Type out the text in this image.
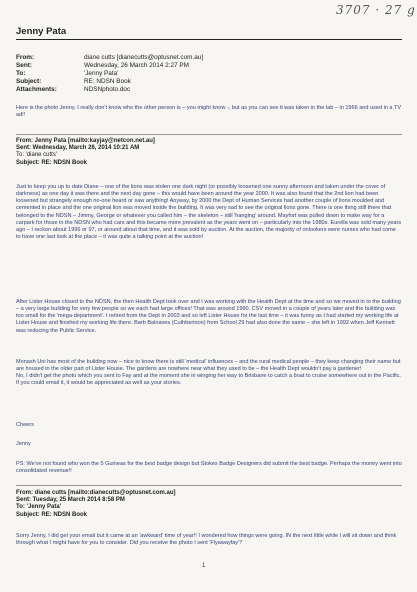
3707 · 27 g
Jenny Pata
From:	diane cutts [dianecutts@optusnet.com.au]
Sent:	Wednesday, 26 March 2014 2:27 PM
To:	'Jenny Pata'
Subject:	RE: NDSN Book
Attachments:	NDSNphoto.doc
Here is the photo Jenny. I really don't know who the other person is – you might know -, but as you can see it was taken in the lab – in 1966 and used in a TV ad!!
From: Jenny Pata [mailto:kayjay@netcon.net.au]
Sent: Wednesday, March 26, 2014 10:21 AM
To: 'diane cutts'
Subject: RE: NDSN Book
Just to keep you up to date Diane – one of the lions was stolen one dark night (or possibly loosened one sunny afternoon and taken under the cover of darkness) as one day it was there and the next day gone – this would have been around the year 2000. It was also found that the 2nd lion had been loosened but strangely enough no-one heard or saw anything! Anyway, by 2000 the Dept of Human Services had another couple of lions moulded and cemented in place and the one original lion was moved inside the building. It was very sad to see the original lions gone. There is one thing still there that belonged to the NDSN – Jimmy, George or whatever you called him – the skeleton – still 'hanging' around. Mayfort was pulled down to make way for a carpark for those in the NDSN who had cars and this became more prevalent as the years went on – particularly into the 1980s. Eurella was sold many years ago – I reckon about 1996 or 97, or around about that time, and it was sold by auction. At the auction, the majority of onlookers were nurses who had come to have one last look at the place – it was quite a talking point at the auction!
After Lister House closed to the NDSN, the then Health Dept took over and I was working with the Health Dept at the time and so we moved in to the building – a very large building for very few people so we each had large offices! That was around 1990. CSV moved in a couple of years later and the building was too small for the 'mega-department'. I retired from the Dept in 2003 and so left Lister House for the last time – it was funny as I had started my working life at Lister House and finished my working life there. Barb Balnaves (Cuthbertson) from School 29 had also done the same – she left in 1992 when Jeff Kennett was reducing the Public Service.
Monash Uni has most of the building now – nice to know there is still 'medical' influences – and the rural medical people – they keep changing their name but are housed in the older part of Lister House. The gardens are nowhere near what they used to be – the Health Dept wouldn't pay a gardener!
No, I didn't get the photo which you sent to Fay and at the moment she in winging her way to Brisbane to catch a boat to cruise somewhere out in the Pacific. If you could email it, it would be appreciated as well as your stories.
Cheers
Jenny
PS: We've not found who won the 5 Guineas for the best badge design but Stokes Badge Designers did submit the best badge. Perhaps the money went into consolidated revenue!!
From: diane cutts [mailto:dianecutts@optusnet.com.au]
Sent: Tuesday, 25 March 2014 8:58 PM
To: 'Jenny Pata'
Subject: RE: NDSN Book
Sorry Jenny, I did get your email but it came at an 'awkward' time of year!! I wondered how things were going. IN the next little while I will sit down and think through what I might have for you to consider. Did you receive the photo I sent 'Flyawayfay'?
1
